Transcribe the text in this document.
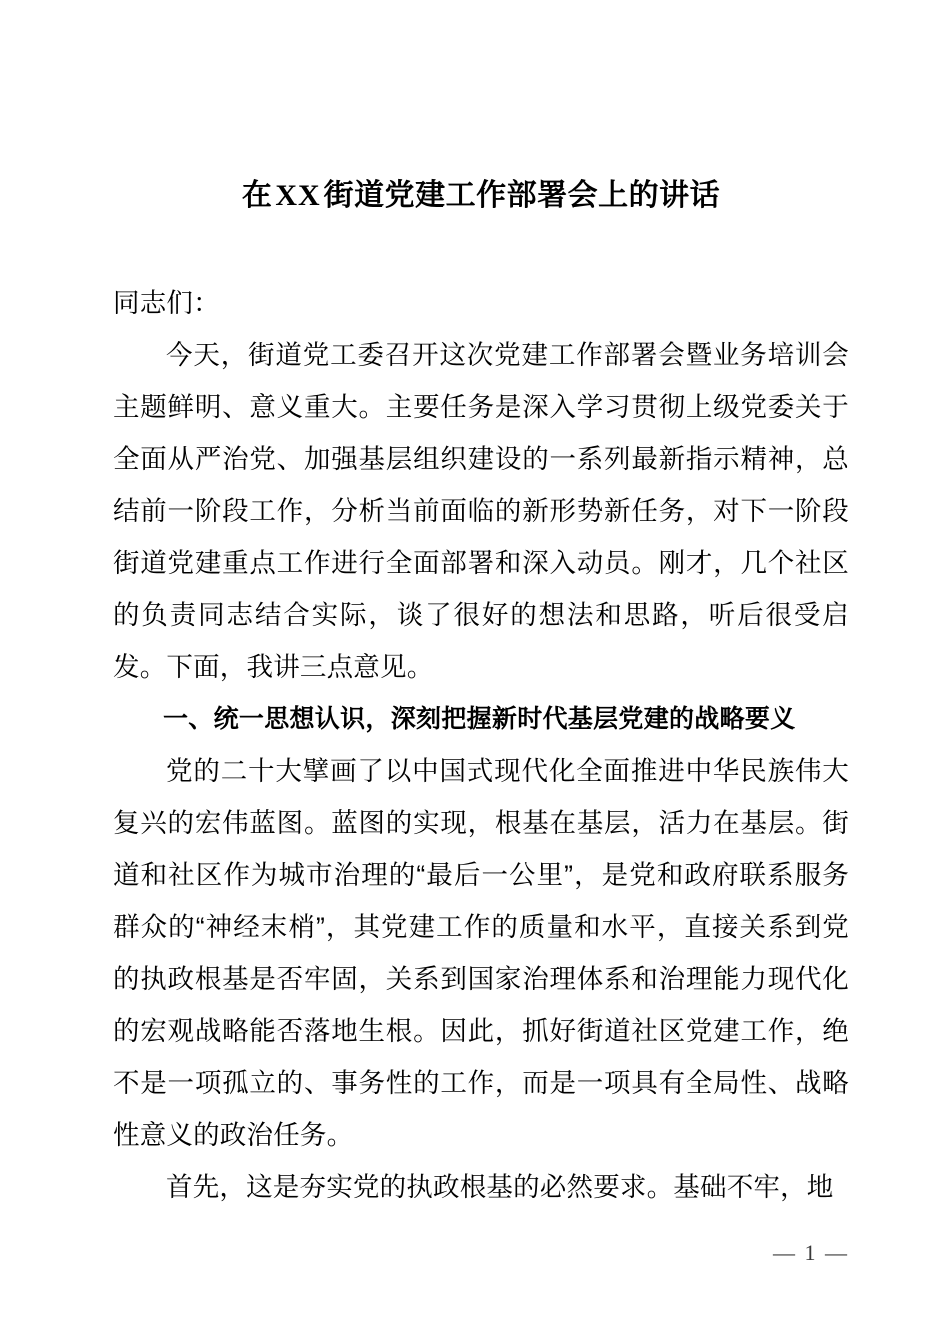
在 XX 街道党建工作部署会上的讲话

同志们：

今天，街道党工委召开这次党建工作部署会暨业务培训会主题鲜明、意义重大。主要任务是深入学习贯彻上级党委关于全面从严治党、加强基层组织建设的一系列最新指示精神，总结前一阶段工作，分析当前面临的新形势新任务，对下一阶段街道党建重点工作进行全面部署和深入动员。刚才，几个社区的负责同志结合实际，谈了很好的想法和思路，听后很受启发。下面，我讲三点意见。

一、统一思想认识，深刻把握新时代基层党建的战略要义

党的二十大擘画了以中国式现代化全面推进中华民族伟大复兴的宏伟蓝图。蓝图的实现，根基在基层，活力在基层。街道和社区作为城市治理的“最后一公里”，是党和政府联系服务群众的“神经末梢”，其党建工作的质量和水平，直接关系到党的执政根基是否牢固，关系到国家治理体系和治理能力现代化的宏观战略能否落地生根。因此，抓好街道社区党建工作，绝不是一项孤立的、事务性的工作，而是一项具有全局性、战略性意义的政治任务。

首先，这是夯实党的执政根基的必然要求。基础不牢，地

— 1 —
